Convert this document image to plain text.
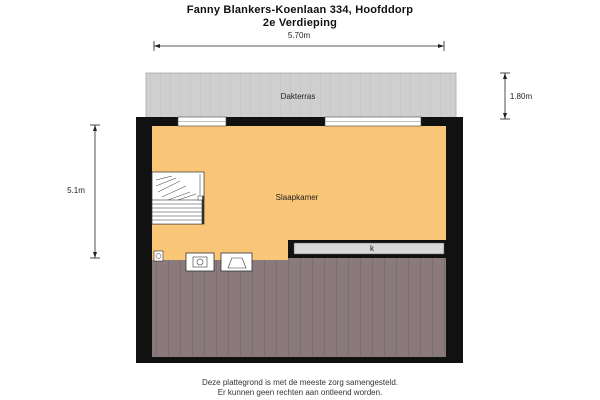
Fanny Blankers-Koenlaan 334, Hoofddorp
2e Verdieping
5.70m
1.80m
5.1m
Dakterras
k
Slaapkamer
Deze plattegrond is met de meeste zorg samengesteld.
Er kunnen geen rechten aan ontleend worden.
